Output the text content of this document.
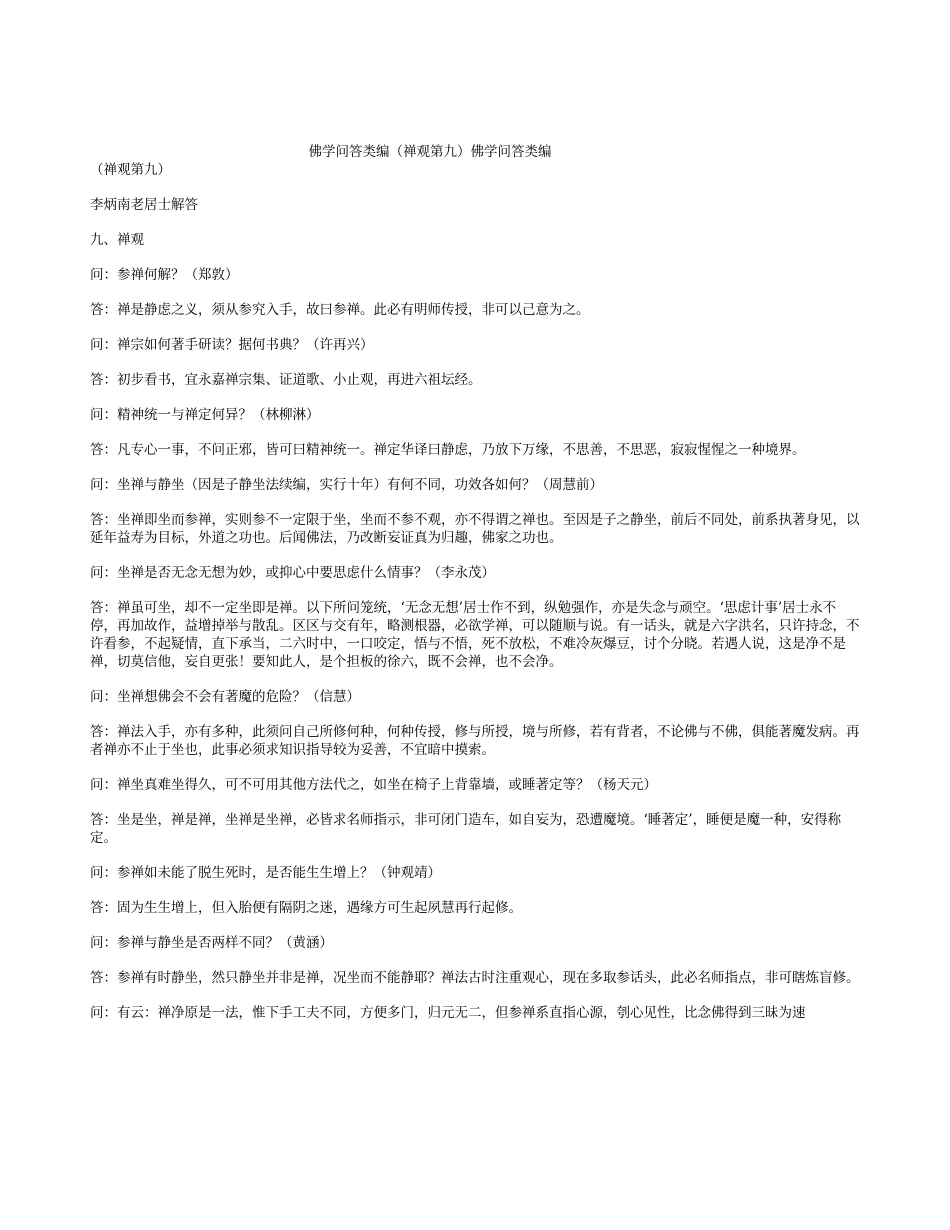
佛学问答类编（禅观第九）佛学问答类编

（禅观第九）

李炳南老居士解答

九、禅观

问：参禅何解？（郑敦）

答：禅是静虑之义，须从参究入手，故曰参禅。此必有明师传授，非可以己意为之。

问：禅宗如何著手研读？据何书典？（许再兴）

答：初步看书，宜永嘉禅宗集、证道歌、小止观，再进六祖坛经。

问：精神统一与禅定何异？（林柳淋）

答：凡专心一事，不问正邪，皆可曰精神统一。禅定华译曰静虑，乃放下万缘，不思善，不思恶，寂寂惺惺之一种境界。

问：坐禅与静坐（因是子静坐法续编，实行十年）有何不同，功效各如何？（周慧前）

答：坐禅即坐而参禅，实则参不一定限于坐，坐而不参不观，亦不得谓之禅也。至因是子之静坐，前后不同处，前系执著身见，以延年益寿为目标，外道之功也。后闻佛法，乃改断妄证真为归趣，佛家之功也。

问：坐禅是否无念无想为妙，或抑心中要思虑什么情事？（李永茂）

答：禅虽可坐，却不一定坐即是禅。以下所问笼统，‘无念无想’居士作不到，纵勉强作，亦是失念与顽空。‘思虑计事’居士永不停，再加故作，益增掉举与散乱。区区与交有年，略测根器，必欲学禅，可以随顺与说。有一话头，就是六字洪名，只许持念，不许看参，不起疑情，直下承当，二六时中，一口咬定，悟与不悟，死不放松，不难冷灰爆豆，讨个分晓。若遇人说，这是净不是禅，切莫信他，妄自更张！要知此人，是个担板的徐六，既不会禅，也不会净。

问：坐禅想佛会不会有著魔的危险？（信慧）

答：禅法入手，亦有多种，此须问自己所修何种，何种传授，修与所授，境与所修，若有背者，不论佛与不佛，俱能著魔发病。再者禅亦不止于坐也，此事必须求知识指导较为妥善，不宜暗中摸索。

问：禅坐真难坐得久，可不可用其他方法代之，如坐在椅子上背靠墙，或睡著定等？（杨天元）

答：坐是坐，禅是禅，坐禅是坐禅，必皆求名师指示，非可闭门造车，如自妄为，恐遭魔境。‘睡著定’，睡便是魔一种，安得称定。

问：参禅如未能了脱生死时，是否能生生增上？（钟观靖）

答：固为生生增上，但入胎便有隔阴之迷，遇缘方可生起夙慧再行起修。

问：参禅与静坐是否两样不同？（黄涵）

答：参禅有时静坐，然只静坐并非是禅，况坐而不能静耶？禅法古时注重观心，现在多取参话头，此必名师指点，非可瞎炼盲修。

问：有云：禅净原是一法，惟下手工夫不同，方便多门，归元无二，但参禅系直指心源，刳心见性，比念佛得到三昧为速
